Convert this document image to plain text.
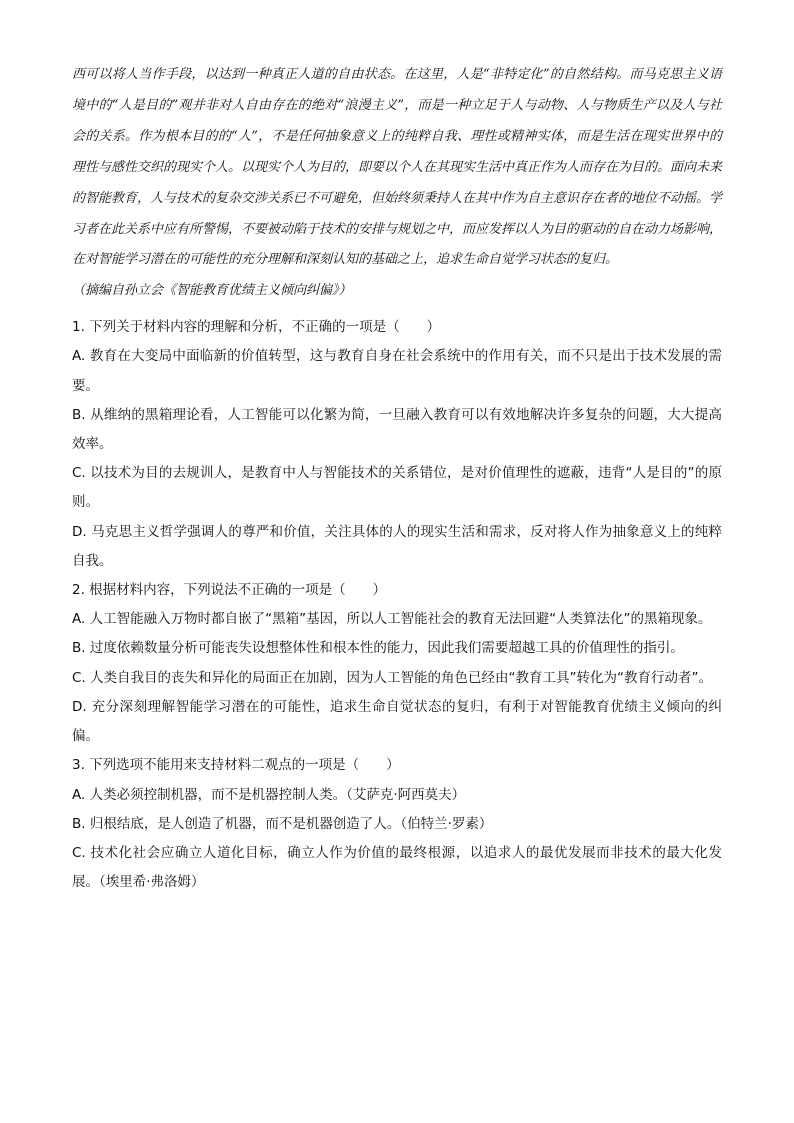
西可以将人当作手段，以达到一种真正人道的自由状态。在这里，人是“非特定化”的自然结构。而马克思主义语境中的“人是目的”观并非对人自由存在的绝对“浪漫主义”，而是一种立足于人与动物、人与物质生产以及人与社会的关系。作为根本目的的“人”，不是任何抽象意义上的纯粹自我、理性或精神实体，而是生活在现实世界中的理性与感性交织的现实个人。以现实个人为目的，即要以个人在其现实生活中真正作为人而存在为目的。面向未来的智能教育，人与技术的复杂交涉关系已不可避免，但始终须秉持人在其中作为自主意识存在者的地位不动摇。学习者在此关系中应有所警惕，不要被动陷于技术的安排与规划之中，而应发挥以人为目的驱动的自在动力场影响，在对智能学习潜在的可能性的充分理解和深刻认知的基础之上，追求生命自觉学习状态的复归。

（摘编自孙立会《智能教育优绩主义倾向纠偏》）

1. 下列关于材料内容的理解和分析，不正确的一项是（　　）

A. 教育在大变局中面临新的价值转型，这与教育自身在社会系统中的作用有关，而不只是出于技术发展的需要。

B. 从维纳的黑箱理论看，人工智能可以化繁为简，一旦融入教育可以有效地解决许多复杂的问题，大大提高效率。

C. 以技术为目的去规训人，是教育中人与智能技术的关系错位，是对价值理性的遮蔽，违背“人是目的”的原则。

D. 马克思主义哲学强调人的尊严和价值，关注具体的人的现实生活和需求，反对将人作为抽象意义上的纯粹自我。

2. 根据材料内容，下列说法不正确的一项是（　　）

A. 人工智能融入万物时都自嵌了“黑箱”基因，所以人工智能社会的教育无法回避“人类算法化”的黑箱现象。

B. 过度依赖数量分析可能丧失设想整体性和根本性的能力，因此我们需要超越工具的价值理性的指引。

C. 人类自我目的丧失和异化的局面正在加剧，因为人工智能的角色已经由“教育工具”转化为“教育行动者”。

D. 充分深刻理解智能学习潜在的可能性，追求生命自觉状态的复归，有利于对智能教育优绩主义倾向的纠偏。

3. 下列选项不能用来支持材料二观点的一项是（　　）

A. 人类必须控制机器，而不是机器控制人类。（艾萨克·阿西莫夫）

B. 归根结底，是人创造了机器，而不是机器创造了人。（伯特兰·罗素）

C. 技术化社会应确立人道化目标，确立人作为价值的最终根源，以追求人的最优发展而非技术的最大化发展。（埃里希·弗洛姆）
